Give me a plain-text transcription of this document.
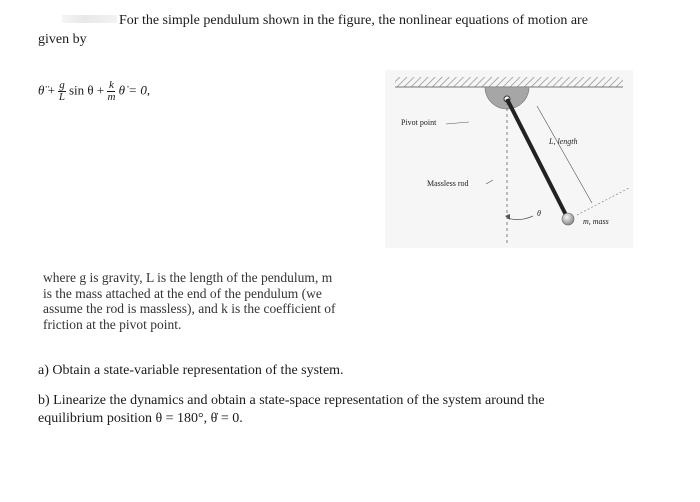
For the simple pendulum shown in the figure, the nonlinear equations of motion are
given by
θ̈ + $\frac{g}{L}$ $\sin \theta + \frac{k}{m}$ θ̇ = 0,
Pivot point
Massless rod
L, length
m, mass
θ
where g is gravity, L is the length of the pendulum, m
is the mass attached at the end of the pendulum (we
assume the rod is massless), and k is the coefficient of
friction at the pivot point.
a) Obtain a state-variable representation of the system.
b) Linearize the dynamics and obtain a state-space representation of the system around the
equilibrium position θ = 180°, θ̇ = 0.
